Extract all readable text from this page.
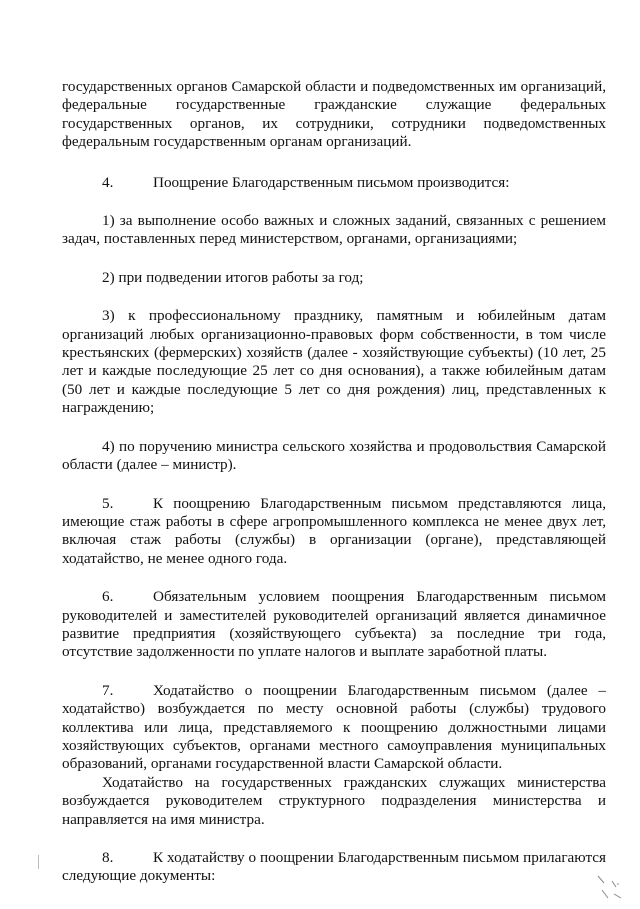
государственных органов Самарской области и подведомственных им организаций, федеральные государственные гражданские служащие федеральных государственных органов, их сотрудники, сотрудники подведомственных федеральным государственным органам организаций.

4.	Поощрение Благодарственным письмом производится:

1) за выполнение особо важных и сложных заданий, связанных с решением задач, поставленных перед министерством, органами, организациями;

2) при подведении итогов работы за год;

3) к профессиональному празднику, памятным и юбилейным датам организаций любых организационно-правовых форм собственности, в том числе крестьянских (фермерских) хозяйств (далее - хозяйствующие субъекты) (10 лет, 25 лет и каждые последующие 25 лет со дня основания), а также юбилейным датам (50 лет и каждые последующие 5 лет со дня рождения) лиц, представленных к награждению;

4) по поручению министра сельского хозяйства и продовольствия Самарской области (далее – министр).

5.	К поощрению Благодарственным письмом представляются лица, имеющие стаж работы в сфере агропромышленного комплекса не менее двух лет, включая стаж работы (службы) в организации (органе), представляющей ходатайство, не менее одного года.

6.	Обязательным условием поощрения Благодарственным письмом руководителей и заместителей руководителей организаций является динамичное развитие предприятия (хозяйствующего субъекта) за последние три года, отсутствие задолженности по уплате налогов и выплате заработной платы.

7.	Ходатайство о поощрении Благодарственным письмом (далее – ходатайство) возбуждается по месту основной работы (службы) трудового коллектива или лица, представляемого к поощрению должностными лицами хозяйствующих субъектов, органами местного самоуправления муниципальных образований, органами государственной власти Самарской области.

Ходатайство на государственных гражданских служащих министерства возбуждается руководителем структурного подразделения министерства и направляется на имя министра.

8.	К ходатайству о поощрении Благодарственным письмом прилагаются следующие документы:
